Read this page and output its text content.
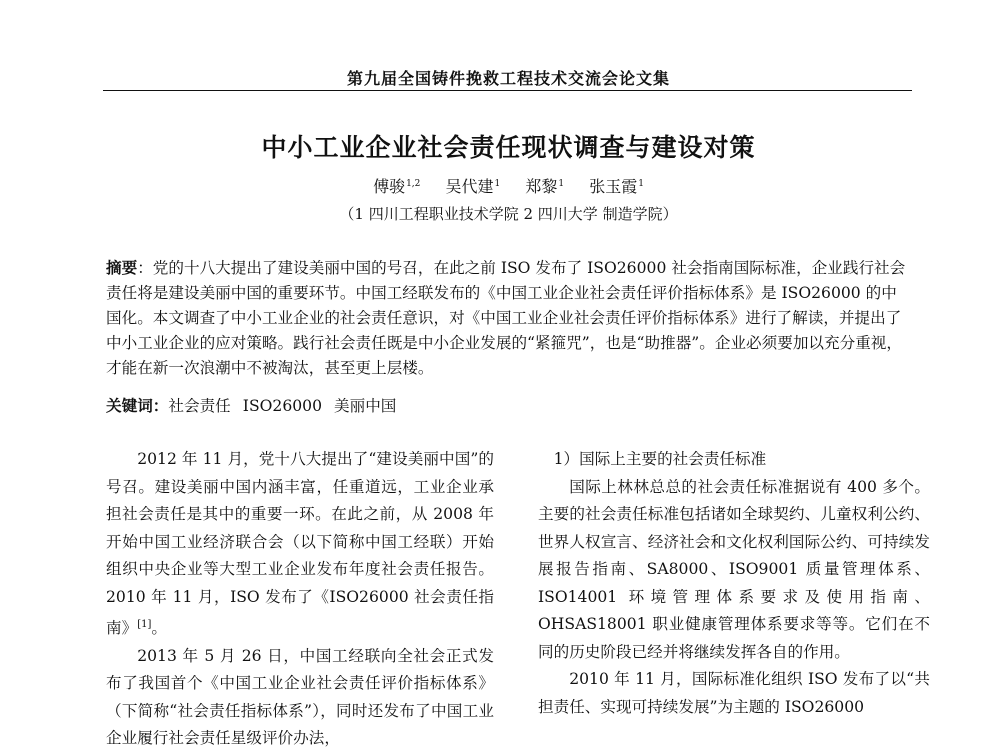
第九届全国铸件挽救工程技术交流会论文集
中小工业企业社会责任现状调查与建设对策
傅骏$^{1,2}$ 吴代建$^1$ 郑黎$^1$ 张玉霞$^1$
（1 四川工程职业技术学院 2 四川大学 制造学院）
摘要：党的十八大提出了建设美丽中国的号召，在此之前 ISO 发布了 ISO26000 社会指南国际标准，企业践行社会责任将是建设美丽中国的重要环节。中国工经联发布的《中国工业企业社会责任评价指标体系》是 ISO26000 的中国化。本文调查了中小工业企业的社会责任意识，对《中国工业企业社会责任评价指标体系》进行了解读，并提出了中小工业企业的应对策略。践行社会责任既是中小企业发展的“紧箍咒”，也是“助推器”。企业必须要加以充分重视，才能在新一次浪潮中不被淘汰，甚至更上层楼。
关键词：社会责任 ISO26000 美丽中国

2012 年 11 月，党十八大提出了“建设美丽中国”的号召。建设美丽中国内涵丰富，任重道远，工业企业承担社会责任是其中的重要一环。在此之前，从 2008 年开始中国工业经济联合会（以下简称中国工经联）开始组织中央企业等大型工业企业发布年度社会责任报告。2010 年 11 月，ISO 发布了《ISO26000 社会责任指南》[1]。

2013 年 5 月 26 日，中国工经联向全社会正式发布了我国首个《中国工业企业社会责任评价指标体系》（下简称“社会责任指标体系”），同时还发布了中国工业企业履行社会责任星级评价办法，

1）国际上主要的社会责任标准

国际上林林总总的社会责任标准据说有 400 多个。主要的社会责任标准包括诸如全球契约、儿童权利公约、世界人权宣言、经济社会和文化权利国际公约、可持续发展报告指南、SA8000、ISO9001 质量管理体系、ISO14001 环境管理体系要求及使用指南、OHSAS18001 职业健康管理体系要求等等。它们在不同的历史阶段已经并将继续发挥各自的作用。

2010 年 11 月，国际标准化组织 ISO 发布了以“共担责任、实现可持续发展”为主题的 ISO26000
